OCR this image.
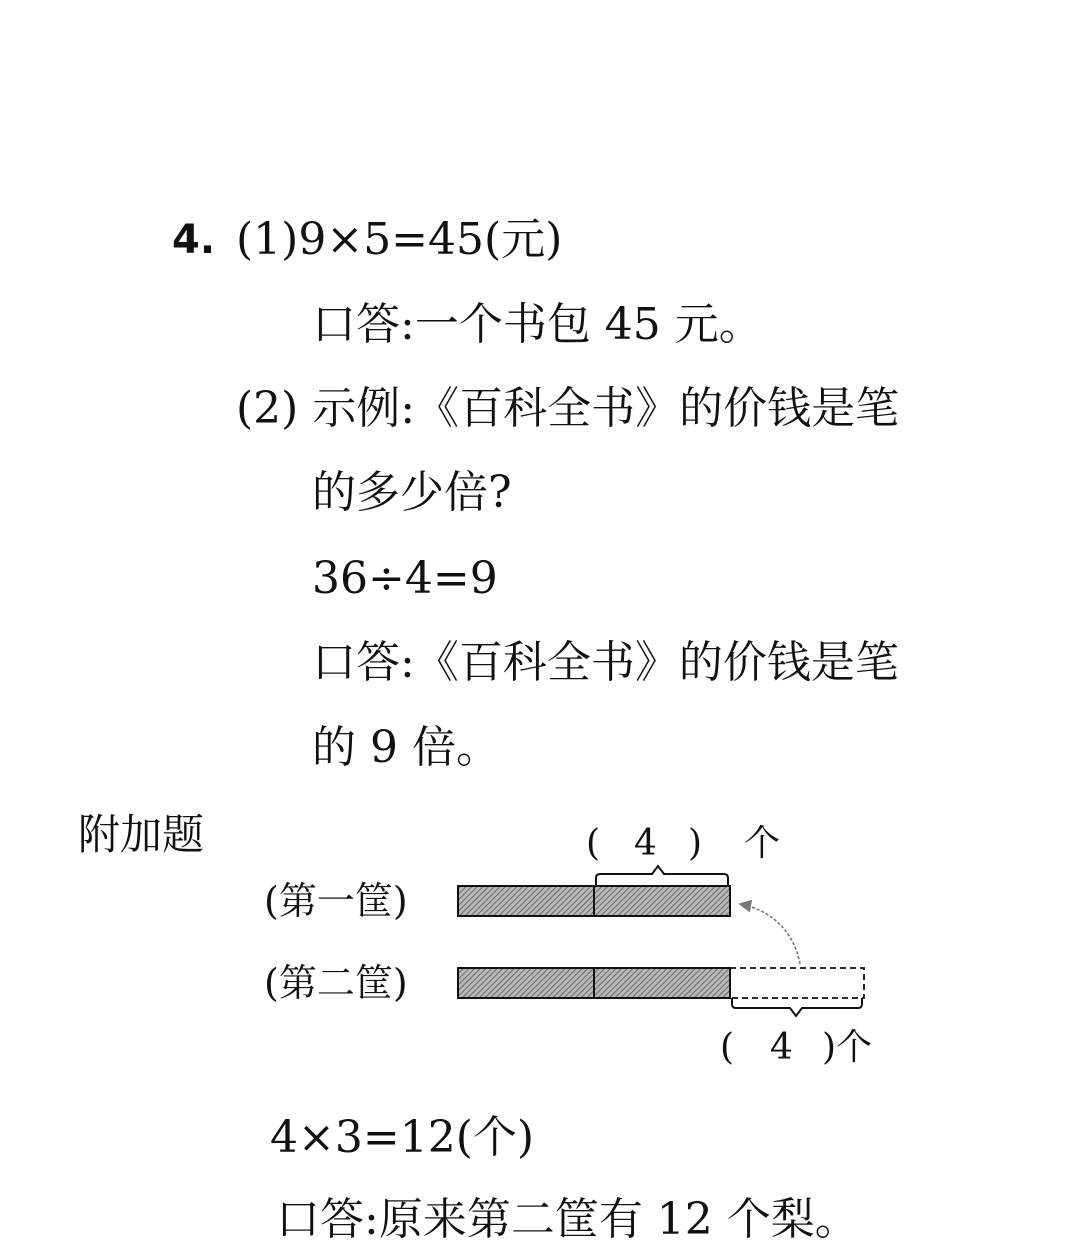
4. (1)9×5=45(元)
口答:一个书包 45 元。
(2) 示例:《百科全书》的价钱是笔
的多少倍?
36÷4=9
口答:《百科全书》的价钱是笔
的 9 倍。
附加题	( 4 ) 个
(第一筐)
(第二筐)
( 4 )个
4×3=12(个)
口答:原来第二筐有 12 个梨。
